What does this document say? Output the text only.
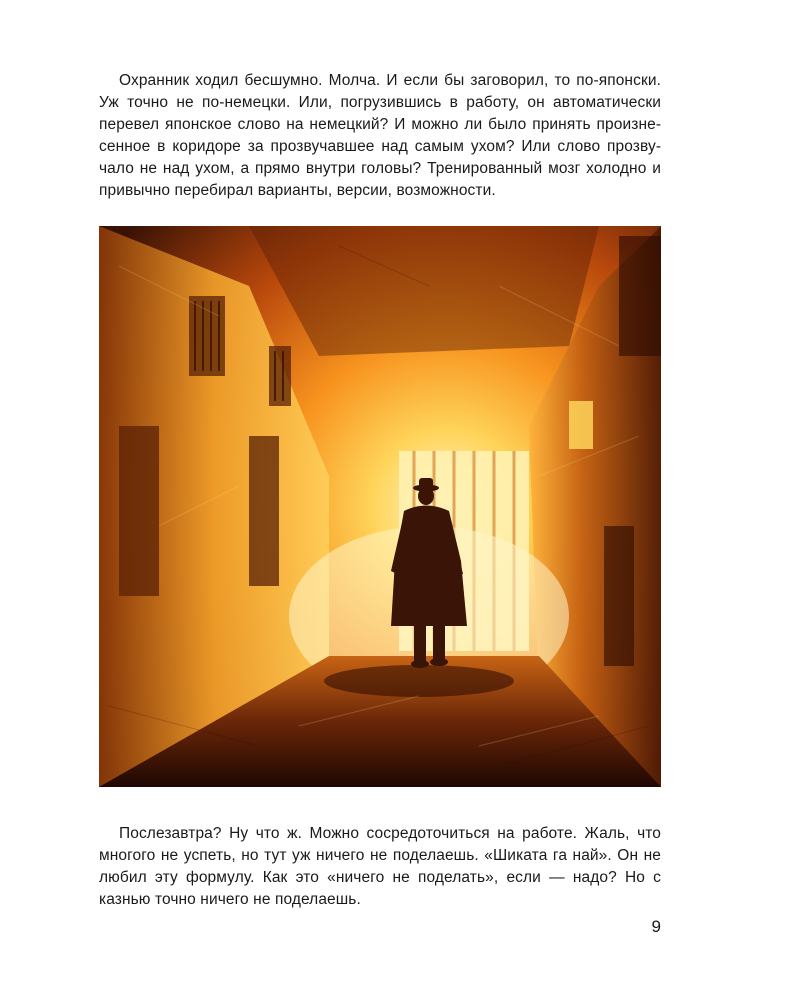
Охранник ходил бесшумно. Молча. И если бы заговорил, то по-японски. Уж точно не по-немецки. Или, погрузившись в работу, он автоматически перевел японское слово на немецкий? И можно ли было принять произнесенное в коридоре за прозвучавшее над самым ухом? Или слово прозвучало не над ухом, а прямо внутри головы? Тренированный мозг холодно и привычно перебирал варианты, версии, возможности.

Послезавтра? Ну что ж. Можно сосредоточиться на работе. Жаль, что многого не успеть, но тут уж ничего не поделаешь. «Шиката га най». Он не любил эту формулу. Как это «ничего не поделать», если — надо? Но с казнью точно ничего не поделаешь.

9
